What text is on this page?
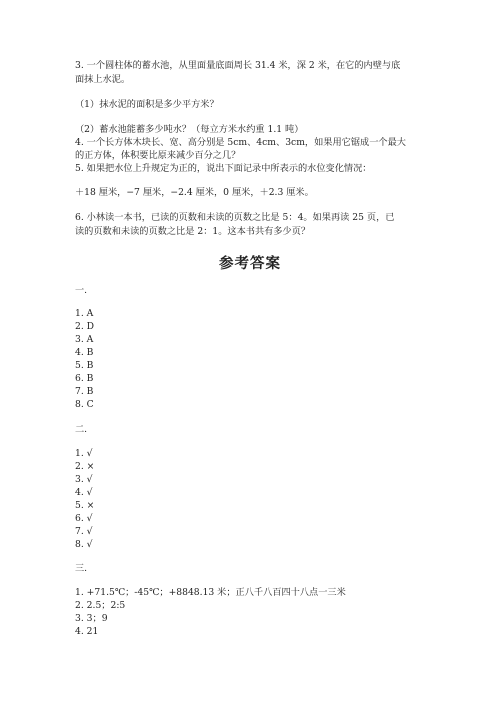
3. 一个圆柱体的蓄水池，从里面量底面周长 31.4 米，深 2 米，在它的内壁与底
面抹上水泥。
（1）抹水泥的面积是多少平方米？
（2）蓄水池能蓄多少吨水？（每立方米水约重 1.1 吨）
4. 一个长方体木块长、宽、高分别是 5cm、4cm、3cm，如果用它锯成一个最大
的正方体，体积要比原来减少百分之几？
5. 如果把水位上升规定为正的，说出下面记录中所表示的水位变化情况：
＋18 厘米，−7 厘米，−2.4 厘米，0 厘米，＋2.3 厘米。
6. 小林读一本书，已读的页数和未读的页数之比是 5：4。如果再读 25 页，已
读的页数和未读的页数之比是 2：1。这本书共有多少页？
参考答案
一.
1. A
2. D
3. A
4. B
5. B
6. B
7. B
8. C
二.
1. √
2. ×
3. √
4. √
5. ×
6. √
7. √
8. √
三.
1. +71.5℃；-45℃；+8848.13 米；正八千八百四十八点一三米
2. 2.5；2:5
3. 3；9
4. 21
